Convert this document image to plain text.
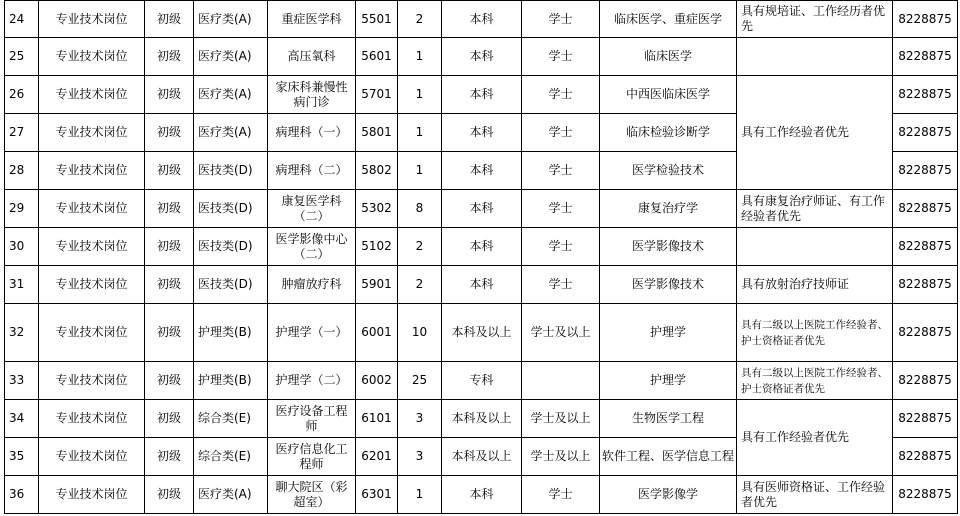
24	专业技术岗位	初级	医疗类(A)	重症医学科	5501	2	本科	学士	临床医学、重症医学	具有规培证、工作经历者优先	8228875
25	专业技术岗位	初级	医疗类(A)	高压氧科	5601	1	本科	学士	临床医学		8228875
26	专业技术岗位	初级	医疗类(A)	家床科兼慢性病门诊	5701	1	本科	学士	中西医临床医学	具有工作经验者优先	8228875
27	专业技术岗位	初级	医疗类(A)	病理科（一）	5801	1	本科	学士	临床检验诊断学		8228875
28	专业技术岗位	初级	医技类(D)	病理科（二）	5802	1	本科	学士	医学检验技术		8228875
29	专业技术岗位	初级	医技类(D)	康复医学科（二）	5302	8	本科	学士	康复治疗学	具有康复治疗师证、有工作经验者优先	8228875
30	专业技术岗位	初级	医技类(D)	医学影像中心（二）	5102	2	本科	学士	医学影像技术		8228875
31	专业技术岗位	初级	医技类(D)	肿瘤放疗科	5901	2	本科	学士	医学影像技术	具有放射治疗技师证	8228875
32	专业技术岗位	初级	护理类(B)	护理学（一）	6001	10	本科及以上	学士及以上	护理学	具有二级以上医院工作经验者、护士资格证者优先	8228875
33	专业技术岗位	初级	护理类(B)	护理学（二）	6002	25	专科		护理学	具有二级以上医院工作经验者、护士资格证者优先	8228875
34	专业技术岗位	初级	综合类(E)	医疗设备工程师	6101	3	本科及以上	学士及以上	生物医学工程	具有工作经验者优先	8228875
35	专业技术岗位	初级	综合类(E)	医疗信息化工程师	6201	3	本科及以上	学士及以上	软件工程、医学信息工程		8228875
36	专业技术岗位	初级	医疗类(A)	聊大院区（彩超室）	6301	1	本科	学士	医学影像学	具有医师资格证、工作经验者优先	8228875
